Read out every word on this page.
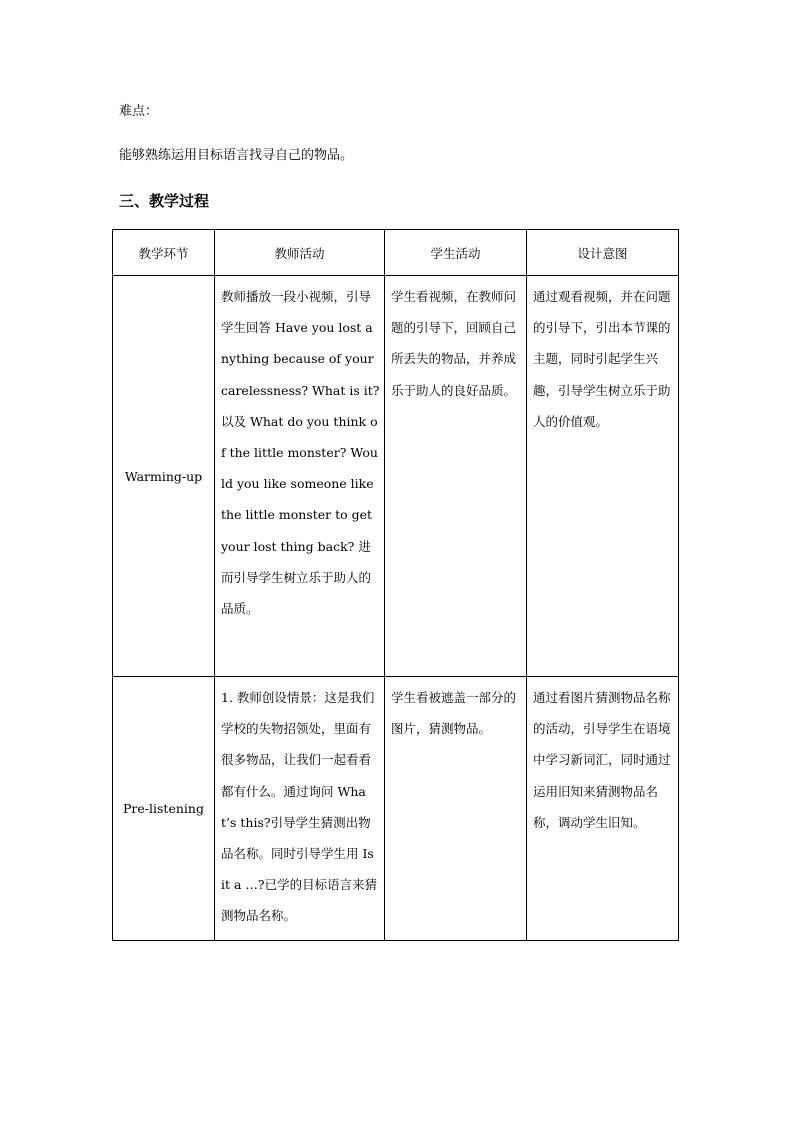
难点：
能够熟练运用目标语言找寻自己的物品。
三、教学过程
教学环节	教师活动	学生活动	设计意图
Warming-up	教师播放一段小视频，引导学生回答 Have you lost anything because of your carelessness? What is it?以及 What do you think of the little monster? Would you like someone like the little monster to get your lost thing back? 进而引导学生树立乐于助人的品质。	学生看视频，在教师问题的引导下，回顾自己所丢失的物品，并养成乐于助人的良好品质。	通过观看视频，并在问题的引导下，引出本节课的主题，同时引起学生兴趣，引导学生树立乐于助人的价值观。

Pre-listening	1. 教师创设情景：这是我们学校的失物招领处，里面有很多物品，让我们一起看看都有什么。通过询问 What’s this?引导学生猜测出物品名称。同时引导学生用 Is it a …?已学的目标语言来猜测物品名称。	学生看被遮盖一部分的图片，猜测物品。	通过看图片猜测物品名称的活动，引导学生在语境中学习新词汇，同时通过运用旧知来猜测物品名称，调动学生旧知。
